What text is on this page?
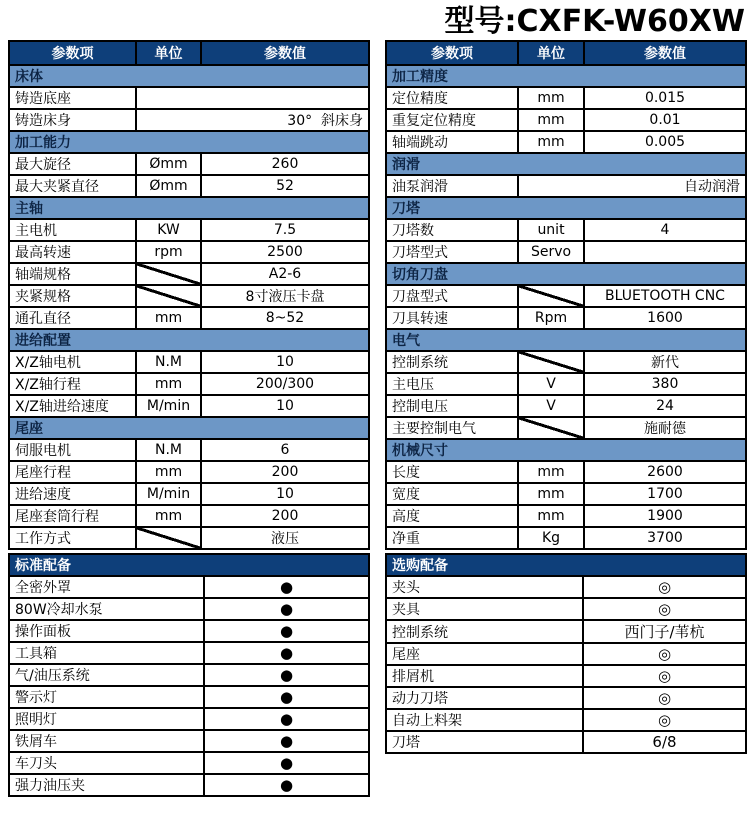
型号:CXFK-W60XW
参数项	单位	参数值
床体		
铸造底座		
铸造床身	30°  斜床身	
加工能力		
最大旋径	Ømm	260
最大夹紧直径	Ømm	52
主轴		
主电机	KW	7.5
最高转速	rpm	2500
轴端规格		A2-6
夹紧规格		8寸液压卡盘
通孔直径	mm	8~52
进给配置		
X/Z轴电机	N.M	10
X/Z轴行程	mm	200/300
X/Z轴进给速度	M/min	10
尾座		
伺服电机	N.M	6
尾座行程	mm	200
进给速度	M/min	10
尾座套筒行程	mm	200
工作方式		液压
标准配备	
全密外罩	●
80W冷却水泵	●
操作面板	●
工具箱	●
气/油压系统	●
警示灯	●
照明灯	●
铁屑车	●
车刀头	●
强力油压夹	●
参数项	单位	参数值
加工精度		
定位精度	mm	0.015
重复定位精度	mm	0.01
轴端跳动	mm	0.005
润滑		
油泵润滑	自动润滑	
刀塔		
刀塔数	unit	4
刀塔型式	Servo	
切角刀盘		
刀盘型式		BLUETOOTH CNC
刀具转速	Rpm	1600
电气		
控制系统		新代
主电压	V	380
控制电压	V	24
主要控制电气		施耐德
机械尺寸		
长度	mm	2600
宽度	mm	1700
高度	mm	1900
净重	Kg	3700
选购配备	
夹头	◎
夹具	◎
控制系统	西门子/苇杭
尾座	◎
排屑机	◎
动力刀塔	◎
自动上料架	◎
刀塔	6/8
